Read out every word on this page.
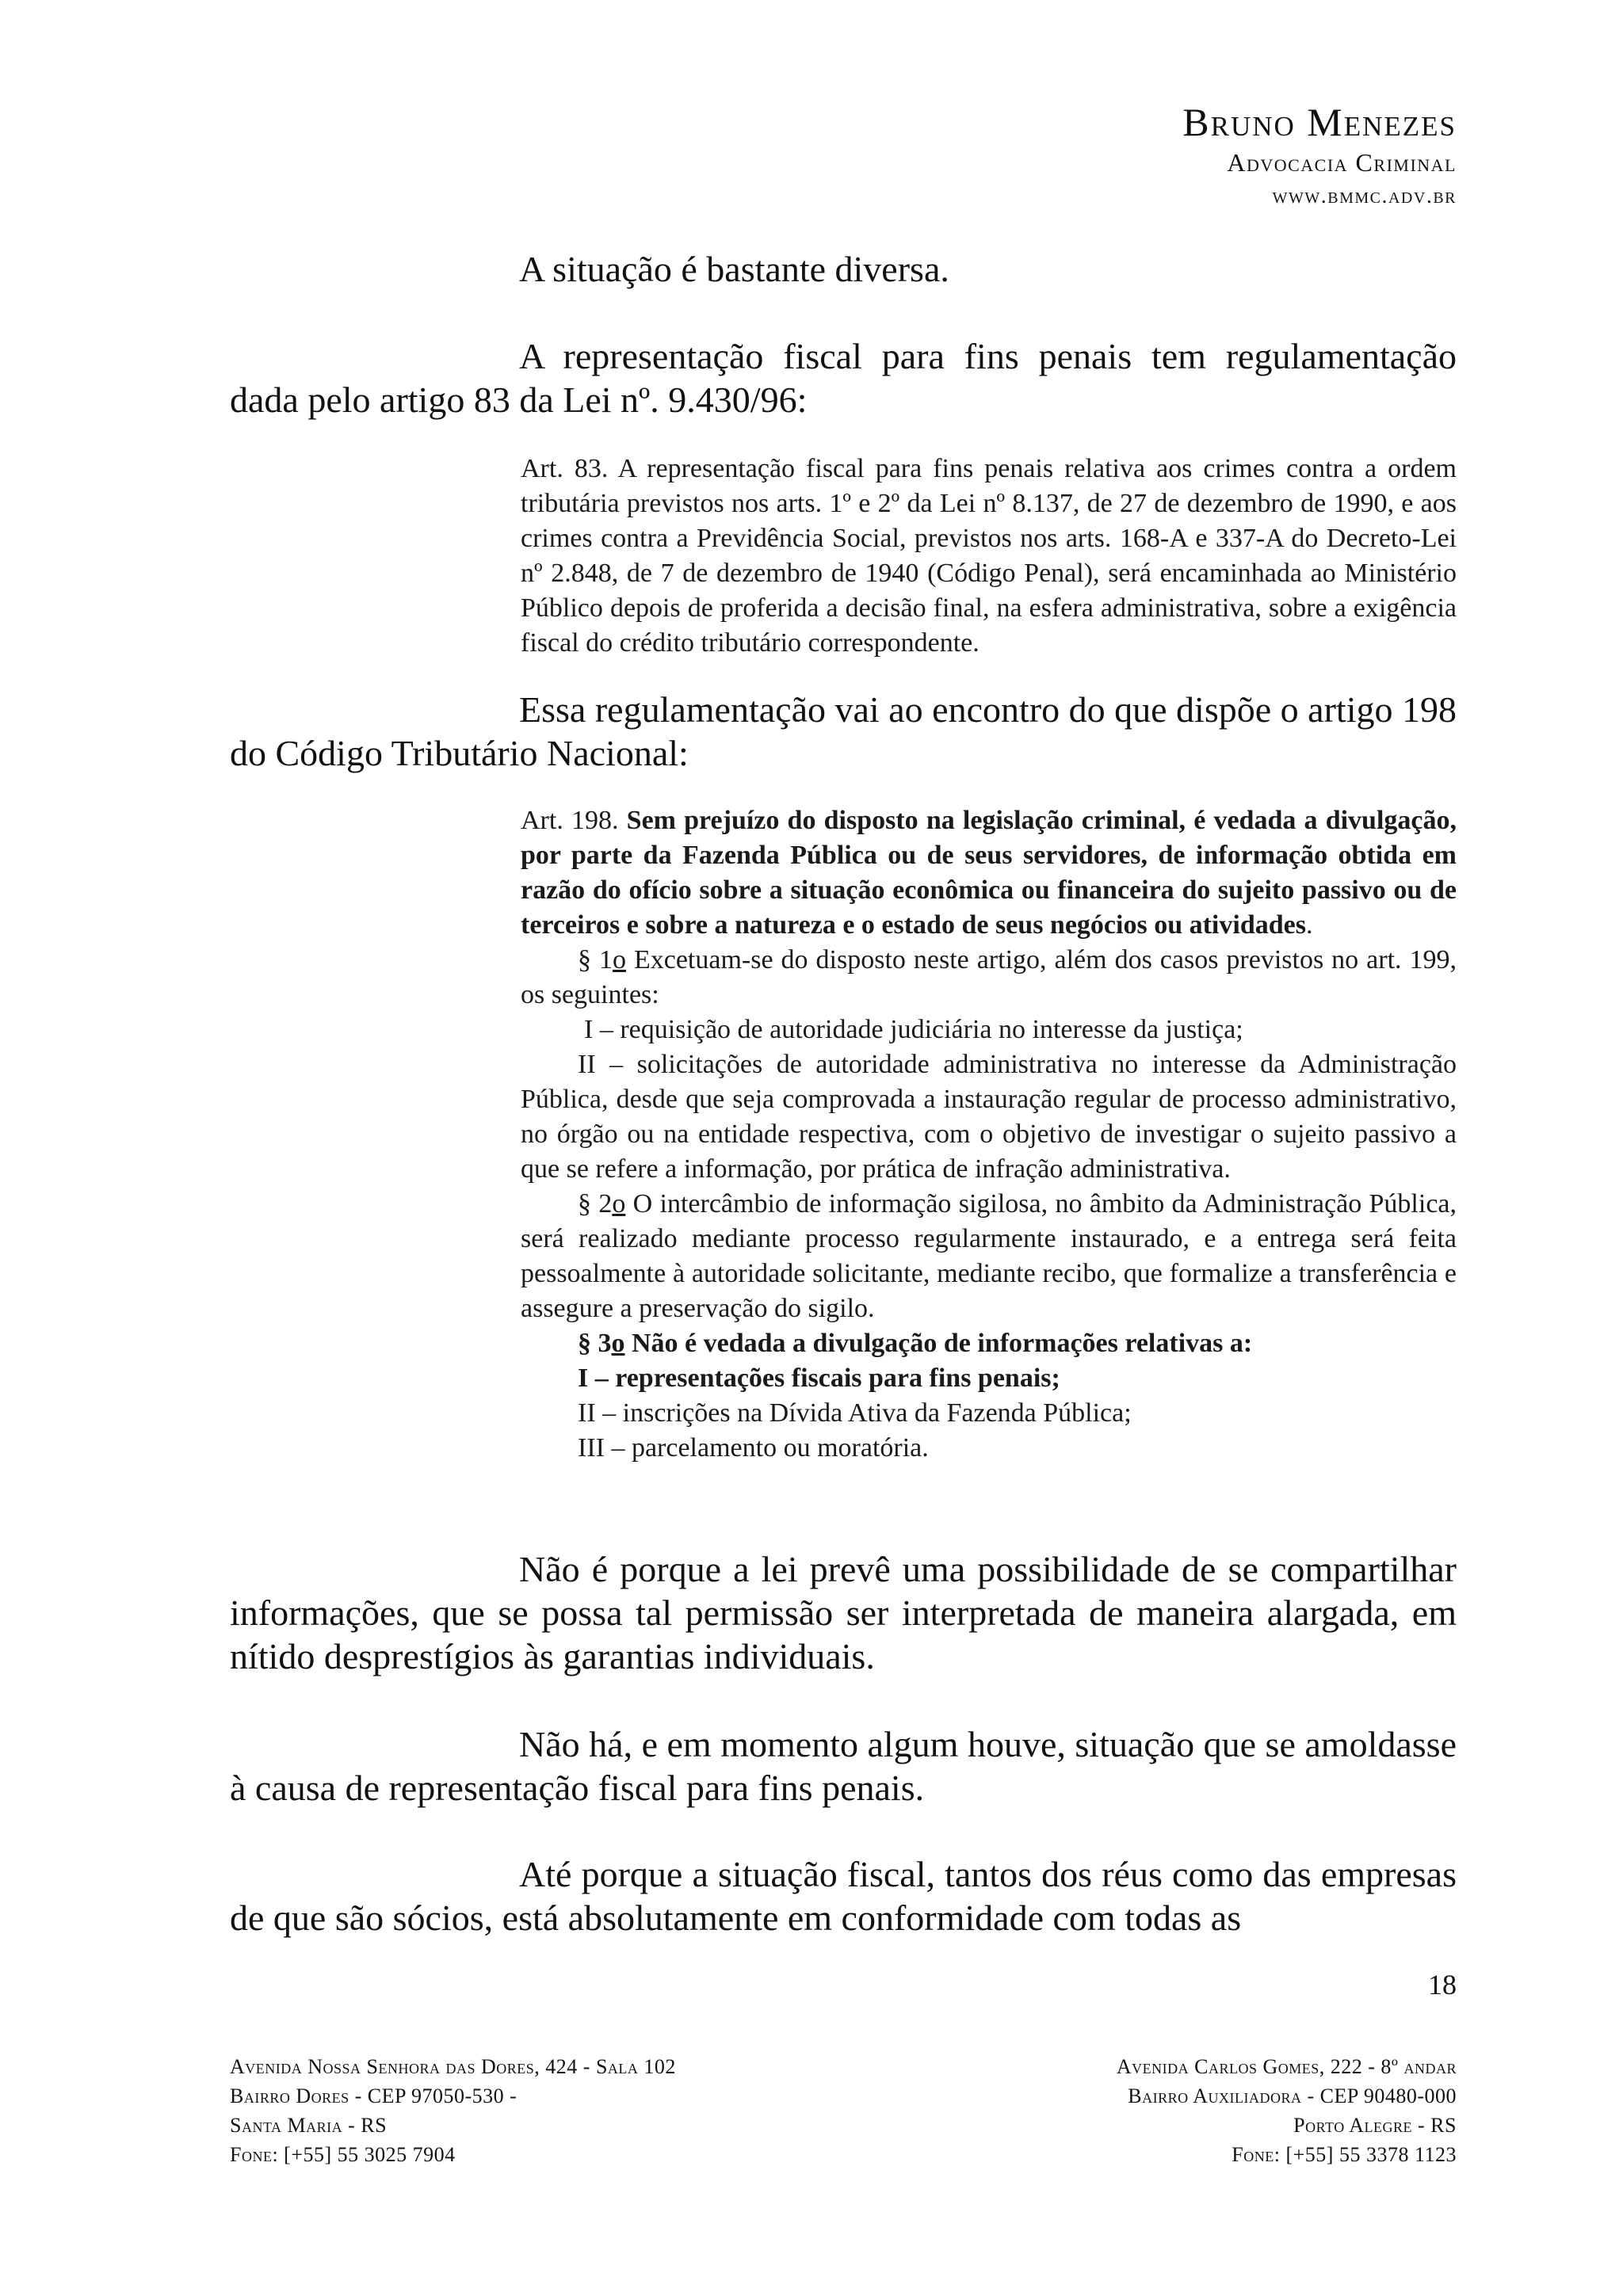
Bruno Menezes
Advocacia Criminal
www.bmmc.adv.br

A situação é bastante diversa.

A representação fiscal para fins penais tem regulamentação dada pelo artigo 83 da Lei nº. 9.430/96:

Art. 83. A representação fiscal para fins penais relativa aos crimes contra a ordem tributária previstos nos arts. 1º e 2º da Lei nº 8.137, de 27 de dezembro de 1990, e aos crimes contra a Previdência Social, previstos nos arts. 168-A e 337-A do Decreto-Lei nº 2.848, de 7 de dezembro de 1940 (Código Penal), será encaminhada ao Ministério Público depois de proferida a decisão final, na esfera administrativa, sobre a exigência fiscal do crédito tributário correspondente.

Essa regulamentação vai ao encontro do que dispõe o artigo 198 do Código Tributário Nacional:

Art. 198. Sem prejuízo do disposto na legislação criminal, é vedada a divulgação, por parte da Fazenda Pública ou de seus servidores, de informação obtida em razão do ofício sobre a situação econômica ou financeira do sujeito passivo ou de terceiros e sobre a natureza e o estado de seus negócios ou atividades.

§ 1o Excetuam-se do disposto neste artigo, além dos casos previstos no art. 199, os seguintes:

I – requisição de autoridade judiciária no interesse da justiça;

II – solicitações de autoridade administrativa no interesse da Administração Pública, desde que seja comprovada a instauração regular de processo administrativo, no órgão ou na entidade respectiva, com o objetivo de investigar o sujeito passivo a que se refere a informação, por prática de infração administrativa.

§ 2o O intercâmbio de informação sigilosa, no âmbito da Administração Pública, será realizado mediante processo regularmente instaurado, e a entrega será feita pessoalmente à autoridade solicitante, mediante recibo, que formalize a transferência e assegure a preservação do sigilo.

§ 3o Não é vedada a divulgação de informações relativas a:

I – representações fiscais para fins penais;

II – inscrições na Dívida Ativa da Fazenda Pública;

III – parcelamento ou moratória.

Não é porque a lei prevê uma possibilidade de se compartilhar informações, que se possa tal permissão ser interpretada de maneira alargada, em nítido desprestígios às garantias individuais.

Não há, e em momento algum houve, situação que se amoldasse à causa de representação fiscal para fins penais.

Até porque a situação fiscal, tantos dos réus como das empresas de que são sócios, está absolutamente em conformidade com todas as

18
Avenida Nossa Senhora das Dores, 424 - Sala 102
Bairro Dores - CEP 97050-530 -
Santa Maria - RS
Fone: [+55] 55 3025 7904
Avenida Carlos Gomes, 222 - 8º andar
Bairro Auxiliadora - CEP 90480-000
Porto Alegre - RS
Fone: [+55] 55 3378 1123
